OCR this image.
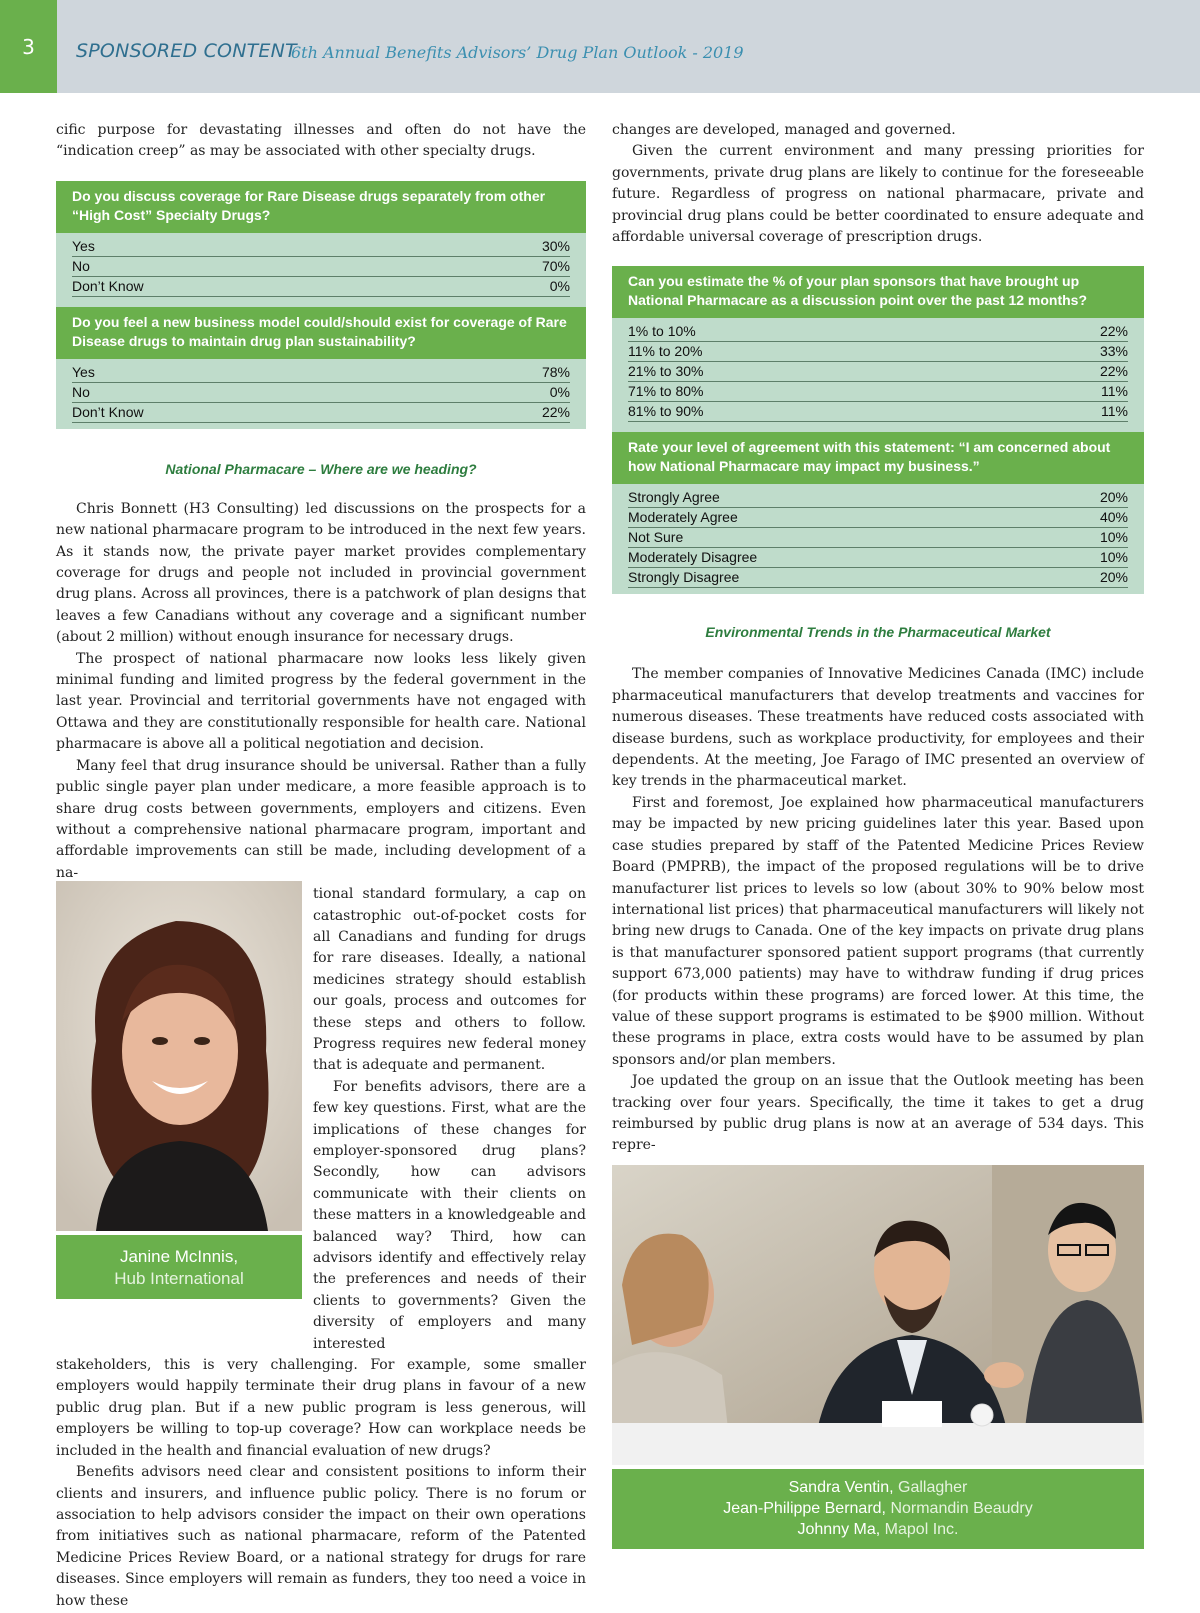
3	SPONSORED CONTENT
6th Annual Benefits Advisors’ Drug Plan Outlook - 2019

cific purpose for devastating illnesses and often do not have the “indication creep” as may be associated with other specialty drugs.

Do you discuss coverage for Rare Disease drugs separately from other “High Cost” Specialty Drugs?
Yes	30%
No	70%
Don’t Know	0%
Do you feel a new business model could/should exist for coverage of Rare Disease drugs to maintain drug plan sustainability?
Yes	78%
No	0%
Don’t Know	22%
National Pharmacare – Where are we heading?

Chris Bonnett (H3 Consulting) led discussions on the prospects for a new national pharmacare program to be introduced in the next few years. As it stands now, the private payer market provides complementary coverage for drugs and people not included in provincial government drug plans. Across all provinces, there is a patchwork of plan designs that leaves a few Canadians without any coverage and a significant number (about 2 million) without enough insurance for necessary drugs.

The prospect of national pharmacare now looks less likely given minimal funding and limited progress by the federal government in the last year. Provincial and territorial governments have not engaged with Ottawa and they are constitutionally responsible for health care. National pharmacare is above all a political negotiation and decision.

Many feel that drug insurance should be universal. Rather than a fully public single payer plan under medicare, a more feasible approach is to share drug costs between governments, employers and citizens. Even without a comprehensive national pharmacare program, important and affordable improvements can still be made, including development of a na-

tional standard formulary, a cap on catastrophic out-of-pocket costs for all Canadians and funding for drugs for rare diseases. Ideally, a national medicines strategy should establish our goals, process and outcomes for these steps and others to follow. Progress requires new federal money that is adequate and permanent.

For benefits advisors, there are a few key questions. First, what are the implications of these changes for employer-sponsored drug plans? Secondly, how can advisors communicate with their clients on these matters in a knowledgeable and balanced way? Third, how can advisors identify and effectively relay the preferences and needs of their clients to governments? Given the diversity of employers and many interested

stakeholders, this is very challenging. For example, some smaller employers would happily terminate their drug plans in favour of a new public drug plan. But if a new public program is less generous, will employers be willing to top-up coverage? How can workplace needs be included in the health and financial evaluation of new drugs?

Benefits advisors need clear and consistent positions to inform their clients and insurers, and influence public policy. There is no forum or association to help advisors consider the impact on their own operations from initiatives such as national pharmacare, reform of the Patented Medicine Prices Review Board, or a national strategy for drugs for rare diseases. Since employers will remain as funders, they too need a voice in how these

Janine McInnis,
Hub International

changes are developed, managed and governed.

Given the current environment and many pressing priorities for governments, private drug plans are likely to continue for the foreseeable future. Regardless of progress on national pharmacare, private and provincial drug plans could be better coordinated to ensure adequate and affordable universal coverage of prescription drugs.

Can you estimate the % of your plan sponsors that have brought up National Pharmacare as a discussion point over the past 12 months?
1% to 10%	22%
11% to 20%	33%
21% to 30%	22%
71% to 80%	11%
81% to 90%	11%
Rate your level of agreement with this statement: “I am concerned about how National Pharmacare may impact my business.”
Strongly Agree	20%
Moderately Agree	40%
Not Sure	10%
Moderately Disagree	10%
Strongly Disagree	20%
Environmental Trends in the Pharmaceutical Market

The member companies of Innovative Medicines Canada (IMC) include pharmaceutical manufacturers that develop treatments and vaccines for numerous diseases. These treatments have reduced costs associated with disease burdens, such as workplace productivity, for employees and their dependents. At the meeting, Joe Farago of IMC presented an overview of key trends in the pharmaceutical market.

First and foremost, Joe explained how pharmaceutical manufacturers may be impacted by new pricing guidelines later this year. Based upon case studies prepared by staff of the Patented Medicine Prices Review Board (PMPRB), the impact of the proposed regulations will be to drive manufacturer list prices to levels so low (about 30% to 90% below most international list prices) that pharmaceutical manufacturers will likely not bring new drugs to Canada. One of the key impacts on private drug plans is that manufacturer sponsored patient support programs (that currently support 673,000 patients) may have to withdraw funding if drug prices (for products within these programs) are forced lower. At this time, the value of these support programs is estimated to be $900 million. Without these programs in place, extra costs would have to be assumed by plan sponsors and/or plan members.

Joe updated the group on an issue that the Outlook meeting has been tracking over four years. Specifically, the time it takes to get a drug reimbursed by public drug plans is now at an average of 534 days. This repre-

Sandra Ventin, Gallagher
Jean-Philippe Bernard, Normandin Beaudry
Johnny Ma, Mapol Inc.
